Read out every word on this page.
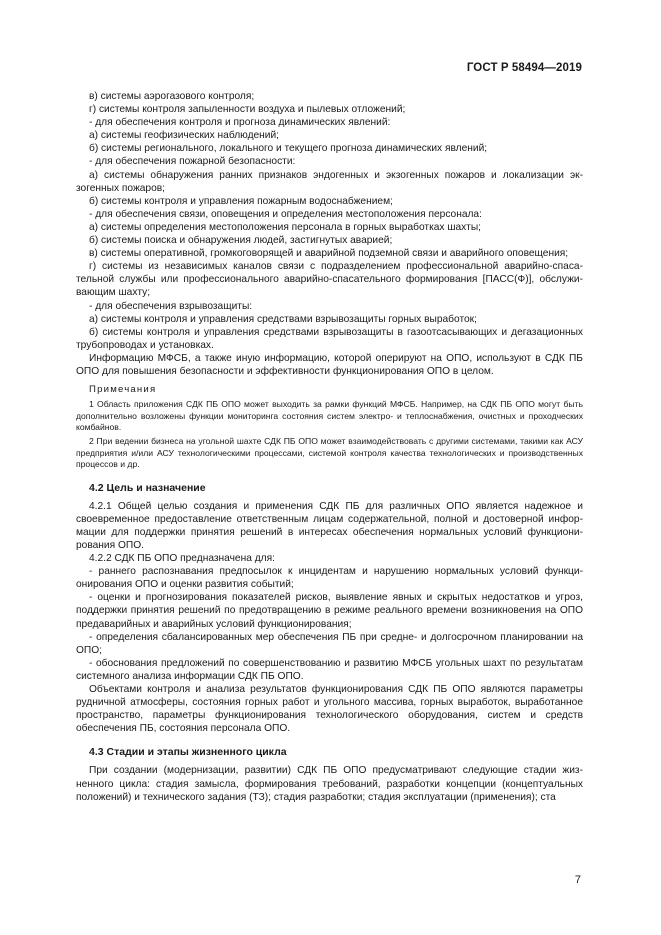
ГОСТ Р 58494—2019

в) системы аэрогазового контроля;

г) системы контроля запыленности воздуха и пылевых отложений;

- для обеспечения контроля и прогноза динамических явлений:

а) системы геофизических наблюдений;

б) системы регионального, локального и текущего прогноза динамических явлений;

- для обеспечения пожарной безопасности:

а) системы обнаружения ранних признаков эндогенных и экзогенных пожаров и локализации экзогенных пожаров;

б) системы контроля и управления пожарным водоснабжением;

- для обеспечения связи, оповещения и определения местоположения персонала:

а) системы определения местоположения персонала в горных выработках шахты;

б) системы поиска и обнаружения людей, застигнутых аварией;

в) системы оперативной, громкоговорящей и аварийной подземной связи и аварийного оповещения;

г) системы из независимых каналов связи с подразделением профессиональной аварийно-спасательной службы или профессионального аварийно-спасательного формирования [ПАСС(Ф)], обслуживающим шахту;

- для обеспечения взрывозащиты:

а) системы контроля и управления средствами взрывозащиты горных выработок;

б) системы контроля и управления средствами взрывозащиты в газоотсасывающих и дегазационных трубопроводах и установках.

Информацию МФСБ, а также иную информацию, которой оперируют на ОПО, используют в СДК ПБ ОПО для повышения безопасности и эффективности функционирования ОПО в целом.

Примечания

1 Область приложения СДК ПБ ОПО может выходить за рамки функций МФСБ. Например, на СДК ПБ ОПО могут быть дополнительно возложены функции мониторинга состояния систем электро- и теплоснабжения, очистных и проходческих комбайнов.

2 При ведении бизнеса на угольной шахте СДК ПБ ОПО может взаимодействовать с другими системами, такими как АСУ предприятия и/или АСУ технологическими процессами, системой контроля качества технологических и производственных процессов и др.

4.2 Цель и назначение

4.2.1 Общей целью создания и применения СДК ПБ для различных ОПО является надежное и своевременное предоставление ответственным лицам содержательной, полной и достоверной информации для поддержки принятия решений в интересах обеспечения нормальных условий функционирования ОПО.

4.2.2 СДК ПБ ОПО предназначена для:

- раннего распознавания предпосылок к инцидентам и нарушению нормальных условий функционирования ОПО и оценки развития событий;

- оценки и прогнозирования показателей рисков, выявление явных и скрытых недостатков и угроз, поддержки принятия решений по предотвращению в режиме реального времени возникновения на ОПО предаварийных и аварийных условий функционирования;

- определения сбалансированных мер обеспечения ПБ при средне- и долгосрочном планировании на ОПО;

- обоснования предложений по совершенствованию и развитию МФСБ угольных шахт по результатам системного анализа информации СДК ПБ ОПО.

Объектами контроля и анализа результатов функционирования СДК ПБ ОПО являются параметры рудничной атмосферы, состояния горных работ и угольного массива, горных выработок, выработанное пространство, параметры функционирования технологического оборудования, систем и средств обеспечения ПБ, состояния персонала ОПО.

4.3 Стадии и этапы жизненного цикла

При создании (модернизации, развитии) СДК ПБ ОПО предусматривают следующие стадии жизненного цикла: стадия замысла, формирования требований, разработки концепции (концептуальных положений) и технического задания (ТЗ); стадия разработки; стадия эксплуатации (применения); ста

7
